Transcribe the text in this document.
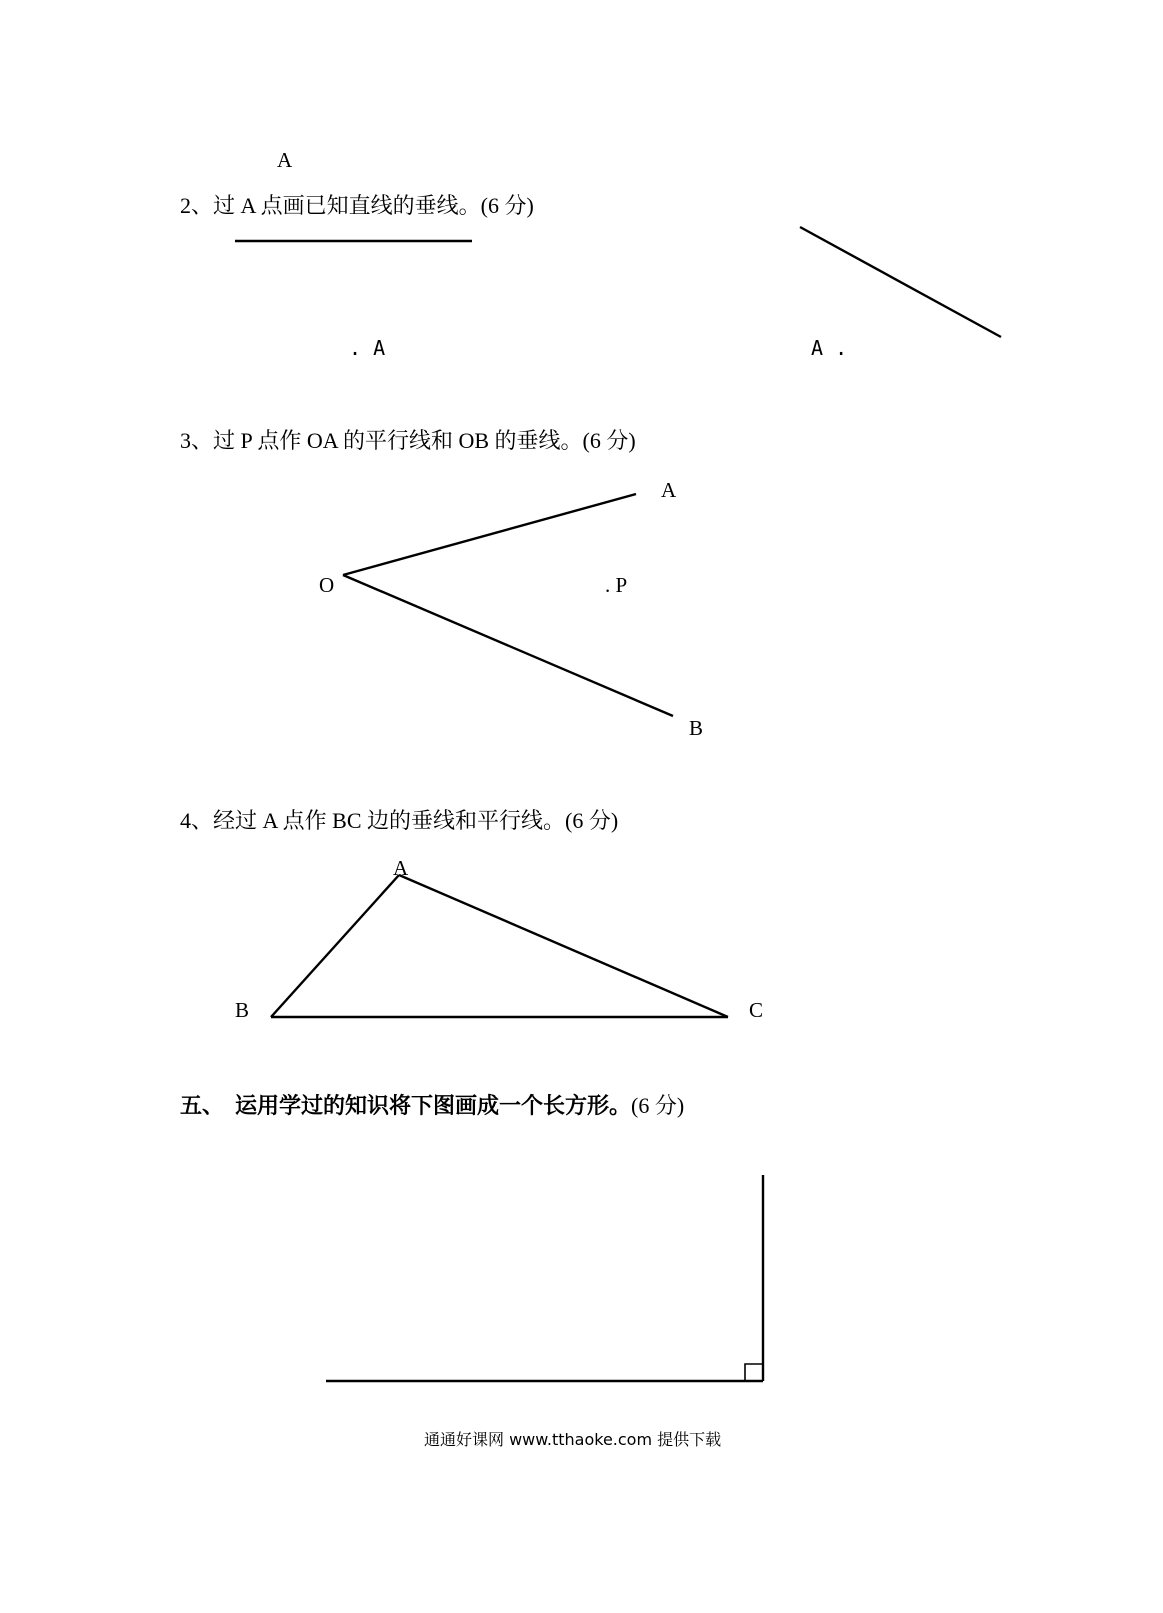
A
2、过 A 点画已知直线的垂线。(6 分)
. A	A .
3、过 P 点作 OA 的平行线和 OB 的垂线。(6 分)
A
O	. P
B
4、经过 A 点作 BC 边的垂线和平行线。(6 分)
A
B	C
五、  运用学过的知识将下图画成一个长方形。(6 分)
通通好课网 www.tthaoke.com 提供下载
